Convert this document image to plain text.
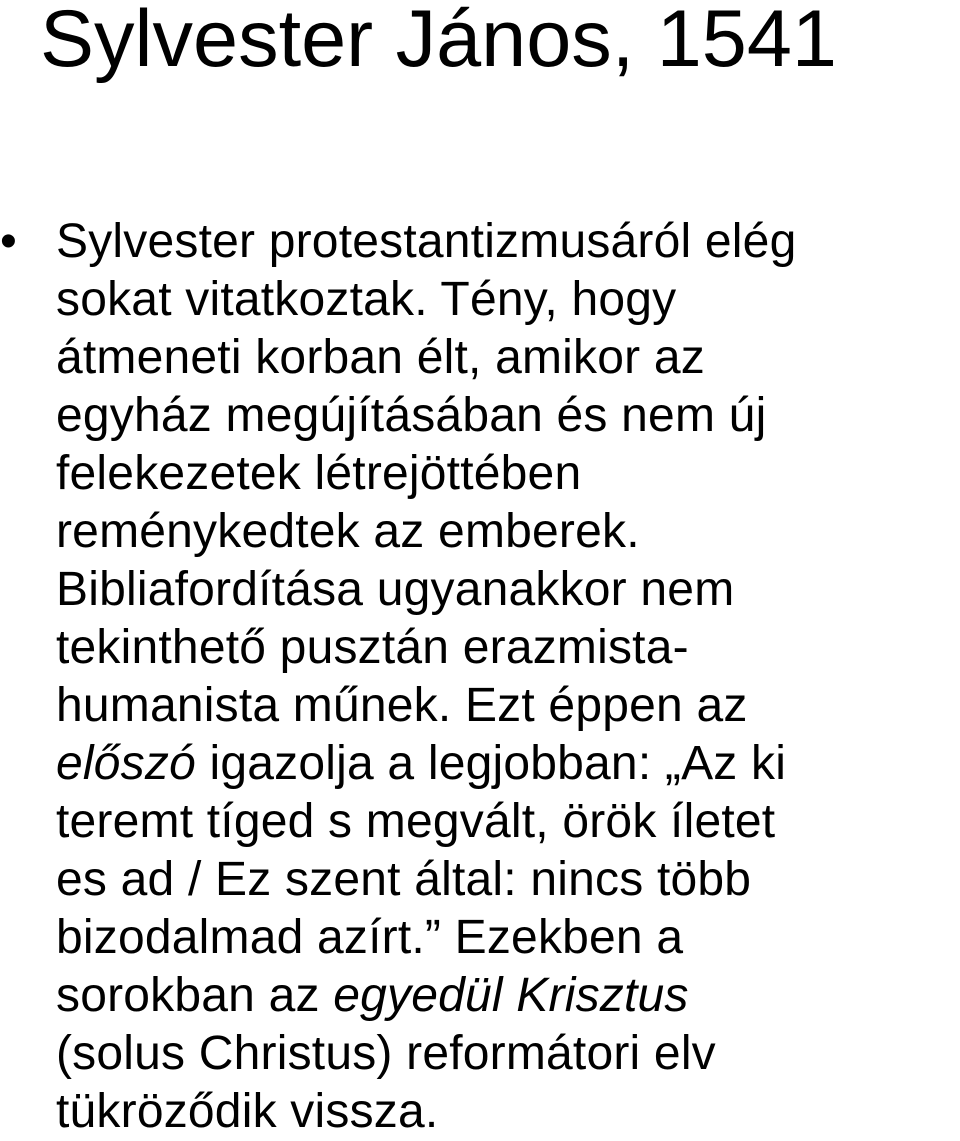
Sylvester János, 1541
• Sylvester protestantizmusáról elég
sokat vitatkoztak. Tény, hogy
átmeneti korban élt, amikor az
egyház megújításában és nem új
felekezetek létrejöttében
reménykedtek az emberek.
Bibliafordítása ugyanakkor nem
tekinthető pusztán erazmista-
humanista műnek. Ezt éppen az
előszó igazolja a legjobban: „Az ki
teremt tíged s megvált, örök íletet
es ad / Ez szent által: nincs több
bizodalmad azírt.” Ezekben a
sorokban az egyedül Krisztus
(solus Christus) reformátori elv
tükröződik vissza.
